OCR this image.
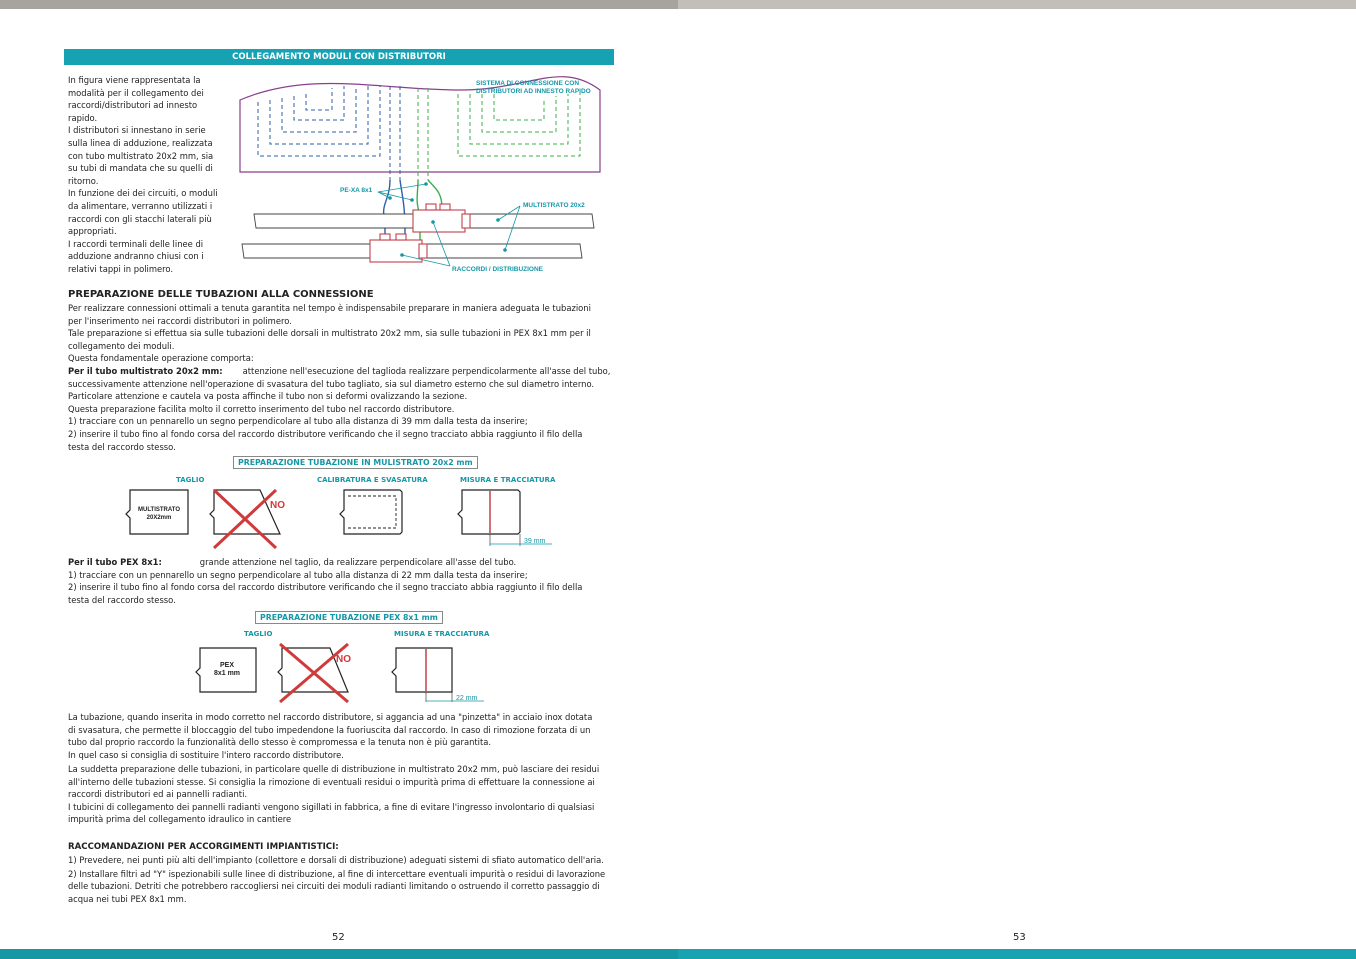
52	53
COLLEGAMENTO MODULI CON DISTRIBUTORI

In figura viene rappresentata la

modalità per il collegamento dei

raccordi/distributori ad innesto

rapido.

I distributori si innestano in serie

sulla linea di adduzione, realizzata

con tubo multistrato 20x2 mm, sia

su tubi di mandata che su quelli di

ritorno.

In funzione dei dei circuiti, o moduli

da alimentare, verranno utilizzati i

raccordi con gli stacchi laterali più

appropriati.

I raccordi terminali delle linee di

adduzione andranno chiusi con i

relativi tappi in polimero.

SISTEMA DI CONNESSIONE CON
DISTRIBUTORI AD INNESTO RAPIDO
PE-XA 8x1
MULTISTRATO 20x2
RACCORDI / DISTRIBUZIONE
PREPARAZIONE DELLE TUBAZIONI ALLA CONNESSIONE

Per realizzare connessioni ottimali a tenuta garantita nel tempo è indispensabile preparare in maniera adeguata le tubazioni

per l'inserimento nei raccordi distributori in polimero.

Tale preparazione si effettua sia sulle tubazioni delle dorsali in multistrato 20x2 mm, sia sulle tubazioni in PEX 8x1 mm per il

collegamento dei moduli.

Questa fondamentale operazione comporta:

Per il tubo multistrato 20x2 mm: attenzione nell'esecuzione del taglioda realizzare perpendicolarmente all'asse del tubo,

successivamente attenzione nell'operazione di svasatura del tubo tagliato, sia sul diametro esterno che sul diametro interno.

Particolare attenzione e cautela va posta affinche il tubo non si deformi ovalizzando la sezione.

Questa preparazione facilita molto il corretto inserimento del tubo nel raccordo distributore.

1) tracciare con un pennarello un segno perpendicolare al tubo alla distanza di 39 mm dalla testa da inserire;

2) inserire il tubo fino al fondo corsa del raccordo distributore verificando che il segno tracciato abbia raggiunto il filo della

testa del raccordo stesso.

PREPARAZIONE TUBAZIONE IN MULISTRATO 20x2 mm
TAGLIO	CALIBRATURA E SVASATURA	MISURA E TRACCIATURA
MULTISTRATO
20X2mm
NO
39 mm

Per il tubo PEX 8x1:	grande attenzione nel taglio, da realizzare perpendicolare all'asse del tubo.

1) tracciare con un pennarello un segno perpendicolare al tubo alla distanza di 22 mm dalla testa da inserire;

2) inserire il tubo fino al fondo corsa del raccordo distributore verificando che il segno tracciato abbia raggiunto il filo della

testa del raccordo stesso.

PREPARAZIONE TUBAZIONE PEX 8x1 mm
TAGLIO	MISURA E TRACCIATURA
PEX
8x1 mm
NO
22 mm

La tubazione, quando inserita in modo corretto nel raccordo distributore, si aggancia ad una "pinzetta" in acciaio inox dotata

di svasatura, che permette il bloccaggio del tubo impedendone la fuoriuscita dal raccordo. In caso di rimozione forzata di un

tubo dal proprio raccordo la funzionalità dello stesso è compromessa e la tenuta non è più garantita.

In quel caso si consiglia di sostituire l'intero raccordo distributore.

La suddetta preparazione delle tubazioni, in particolare quelle di distribuzione in multistrato 20x2 mm, può lasciare dei residui

all'interno delle tubazioni stesse. Si consiglia la rimozione di eventuali residui o impurità prima di effettuare la connessione ai

raccordi distributori ed ai pannelli radianti.

I tubicini di collegamento dei pannelli radianti vengono sigillati in fabbrica, a fine di evitare l'ingresso involontario di qualsiasi

impurità prima del collegamento idraulico in cantiere

RACCOMANDAZIONI PER ACCORGIMENTI IMPIANTISTICI:

1) Prevedere, nei punti più alti dell'impianto (collettore e dorsali di distribuzione) adeguati sistemi di sfiato automatico dell'aria.

2) Installare filtri ad "Y" ispezionabili sulle linee di distribuzione, al fine di intercettare eventuali impurità o residui di lavorazione

delle tubazioni. Detriti che potrebbero raccogliersi nei circuiti dei moduli radianti limitando o ostruendo il corretto passaggio di

acqua nei tubi PEX 8x1 mm.
